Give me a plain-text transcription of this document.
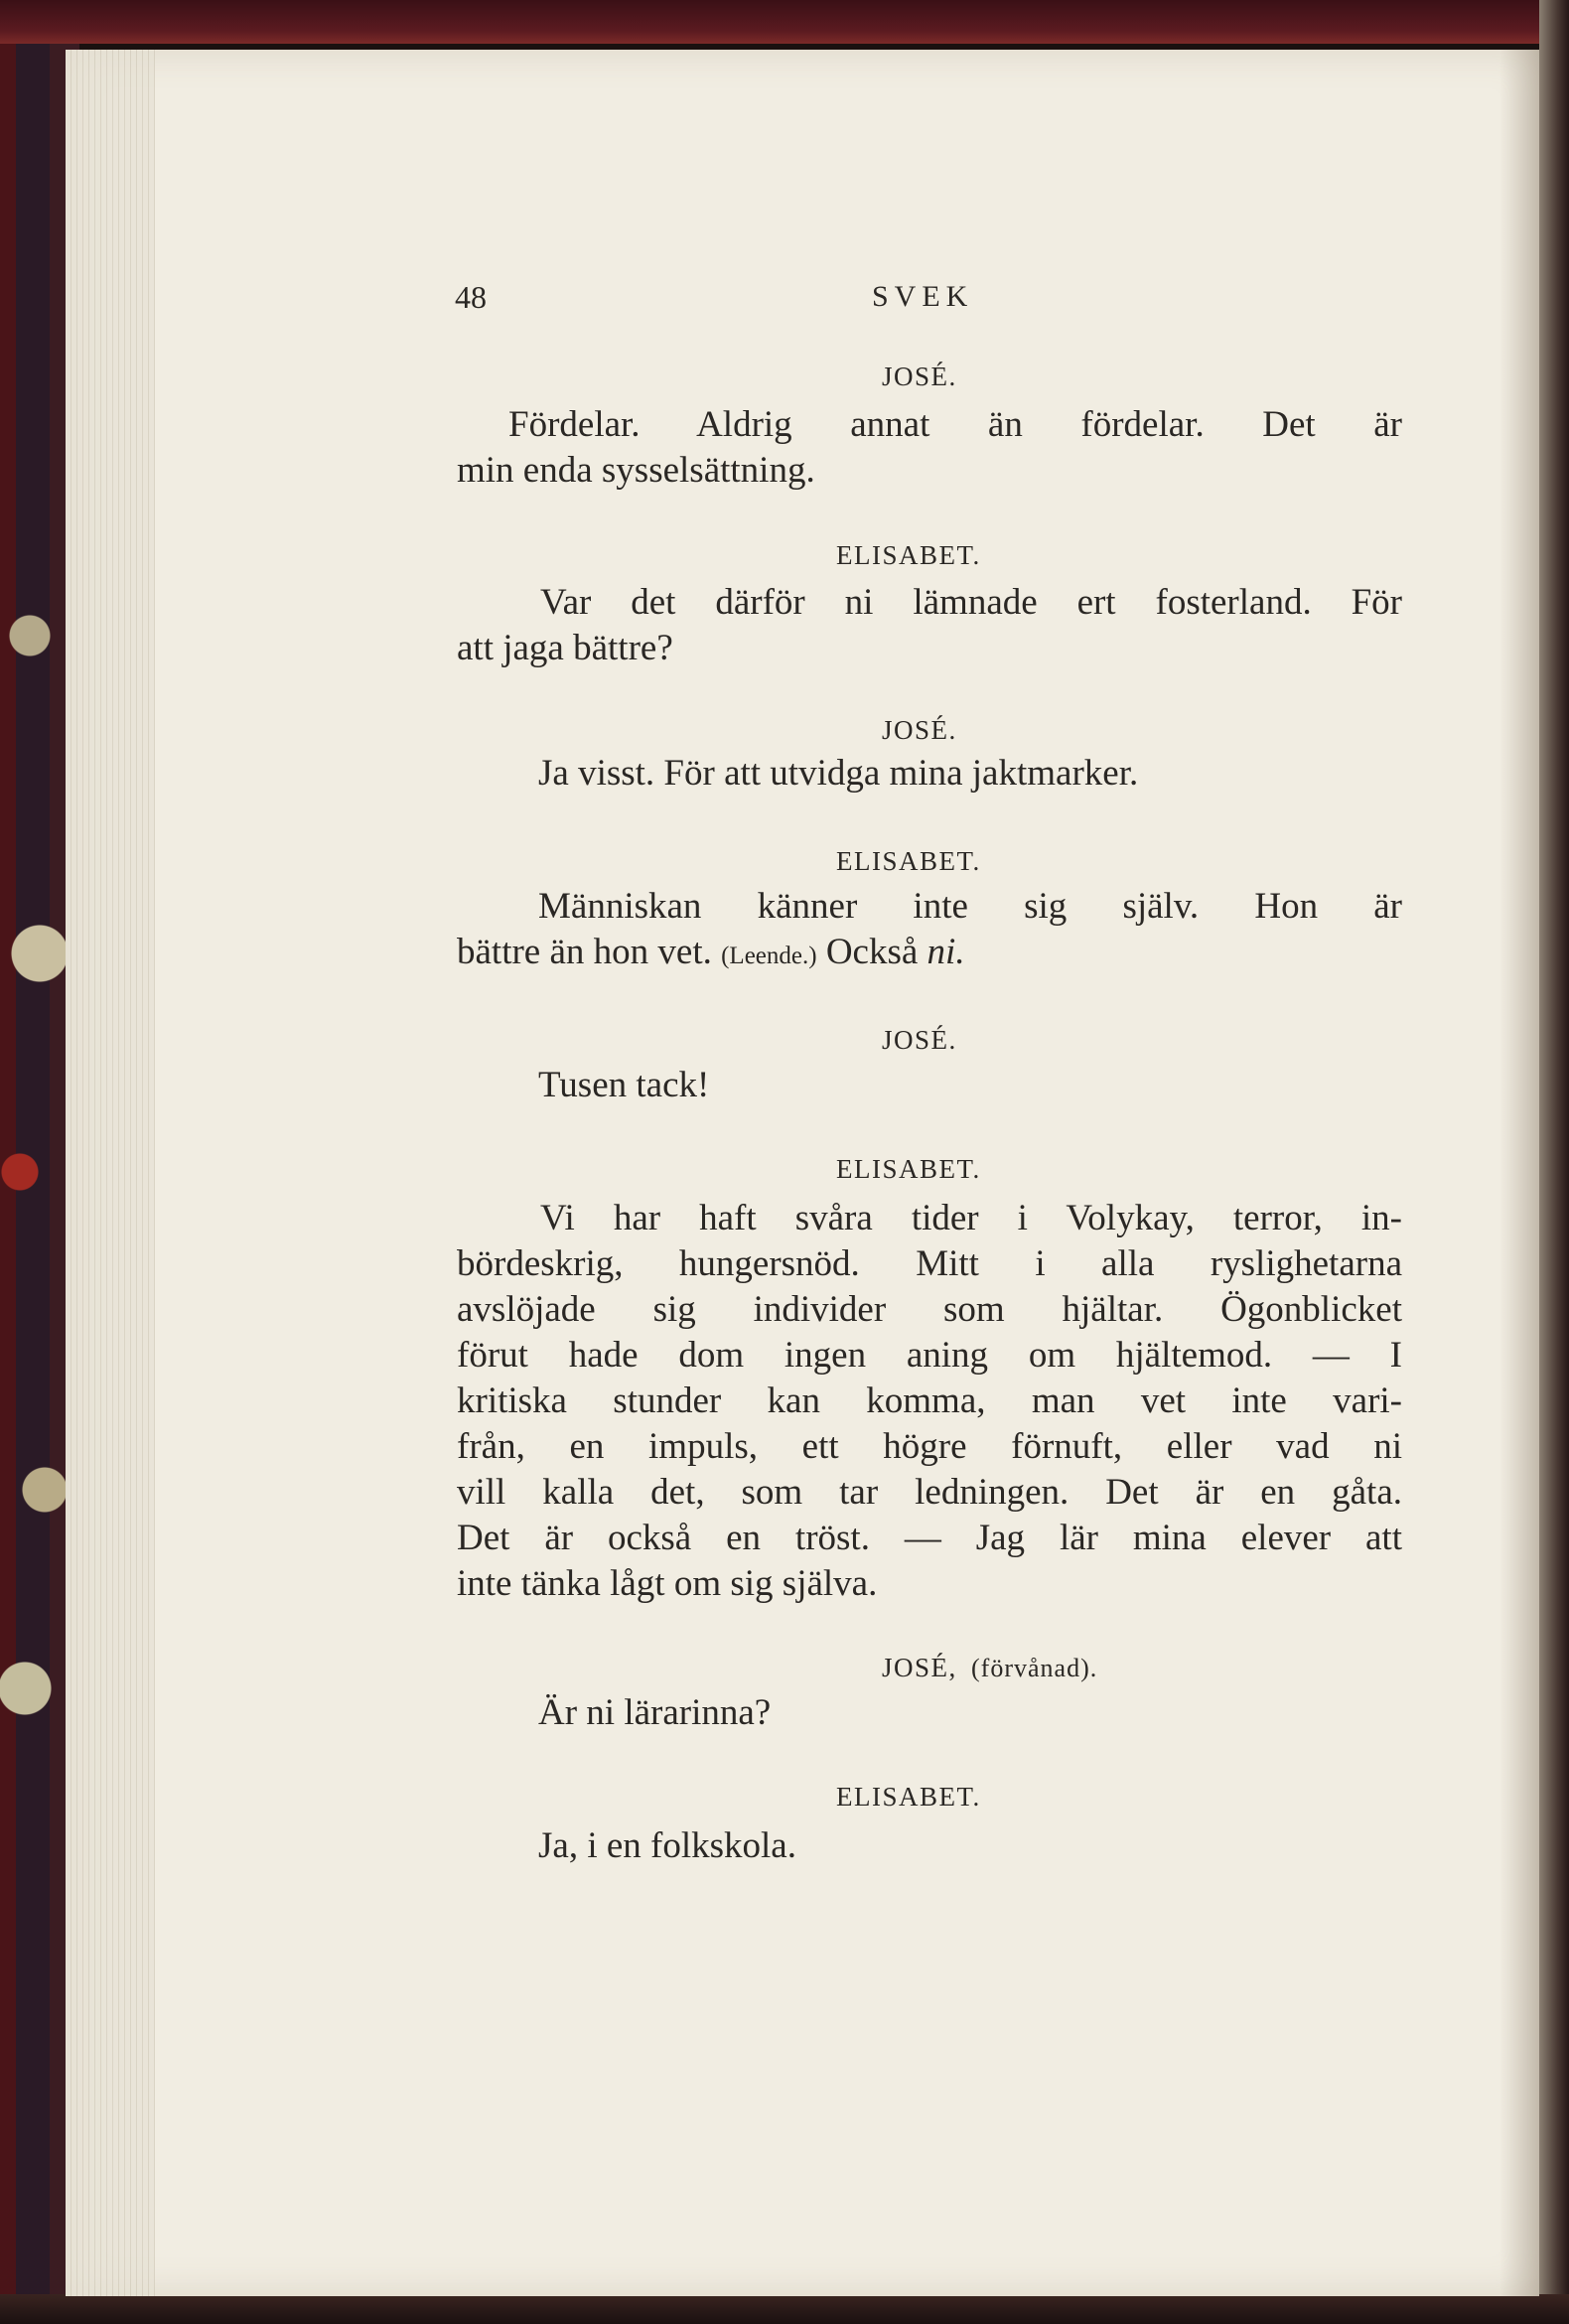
48	SVEK

JOSÉ.

Fördelar. Aldrig annat än fördelar. Det är

min enda sysselsättning.

ELISABET.

Var det därför ni lämnade ert fosterland. För

att jaga bättre?

JOSÉ.

Ja visst. För att utvidga mina jaktmarker.

ELISABET.

Människan känner inte sig själv. Hon är

bättre än hon vet. (Leende.) Också ni.

JOSÉ.

Tusen tack!

ELISABET.

Vi har haft svåra tider i Volykay, terror, in-

bördeskrig, hungersnöd. Mitt i alla ryslighetarna

avslöjade sig individer som hjältar. Ögonblicket

förut hade dom ingen aning om hjältemod. — I

kritiska stunder kan komma, man vet inte vari-

från, en impuls, ett högre förnuft, eller vad ni

vill kalla det, som tar ledningen. Det är en gåta.

Det är också en tröst. — Jag lär mina elever att

inte tänka lågt om sig själva.

JOSÉ, (förvånad).

Är ni lärarinna?

ELISABET.

Ja, i en folkskola.
